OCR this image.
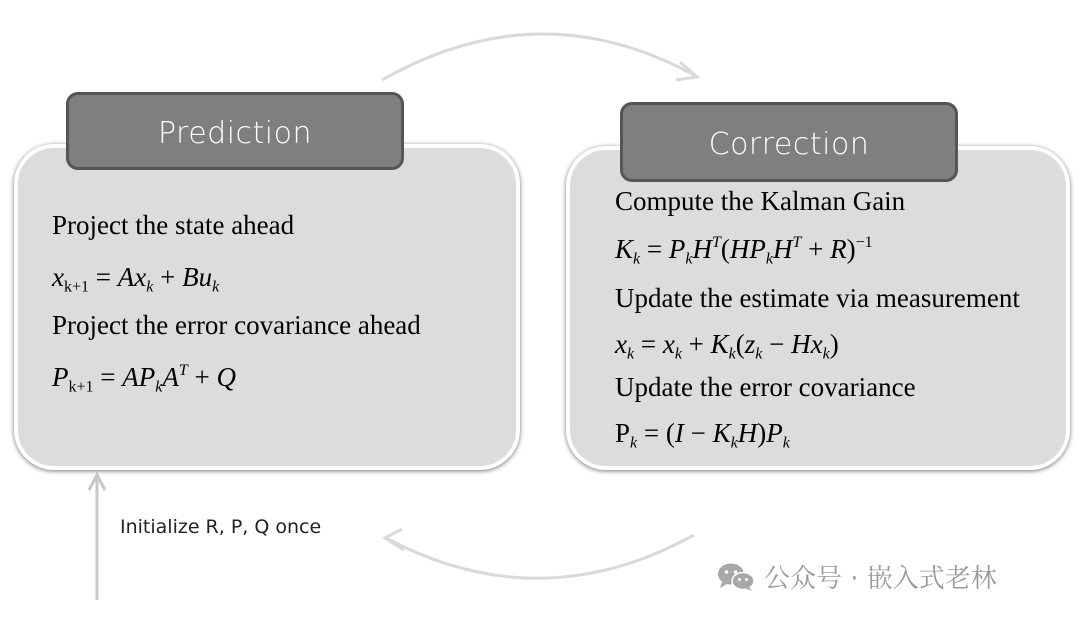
Prediction
Project the state ahead
$x_{k+1} = Ax_k + Bu_k$
Project the error covariance ahead
$P_{k+1} = AP_kA^T + Q$
Correction
Compute the Kalman Gain
$K_k = P_kH^T(HP_kH^T + R)^{-1}$
Update the estimate via measurement
$x_k = x_k + K_k(z_k - Hx_k)$
Update the error covariance
$P_k = (I - K_kH)P_k$
Initialize R, P, Q once
公众号 · 嵌入式老林
